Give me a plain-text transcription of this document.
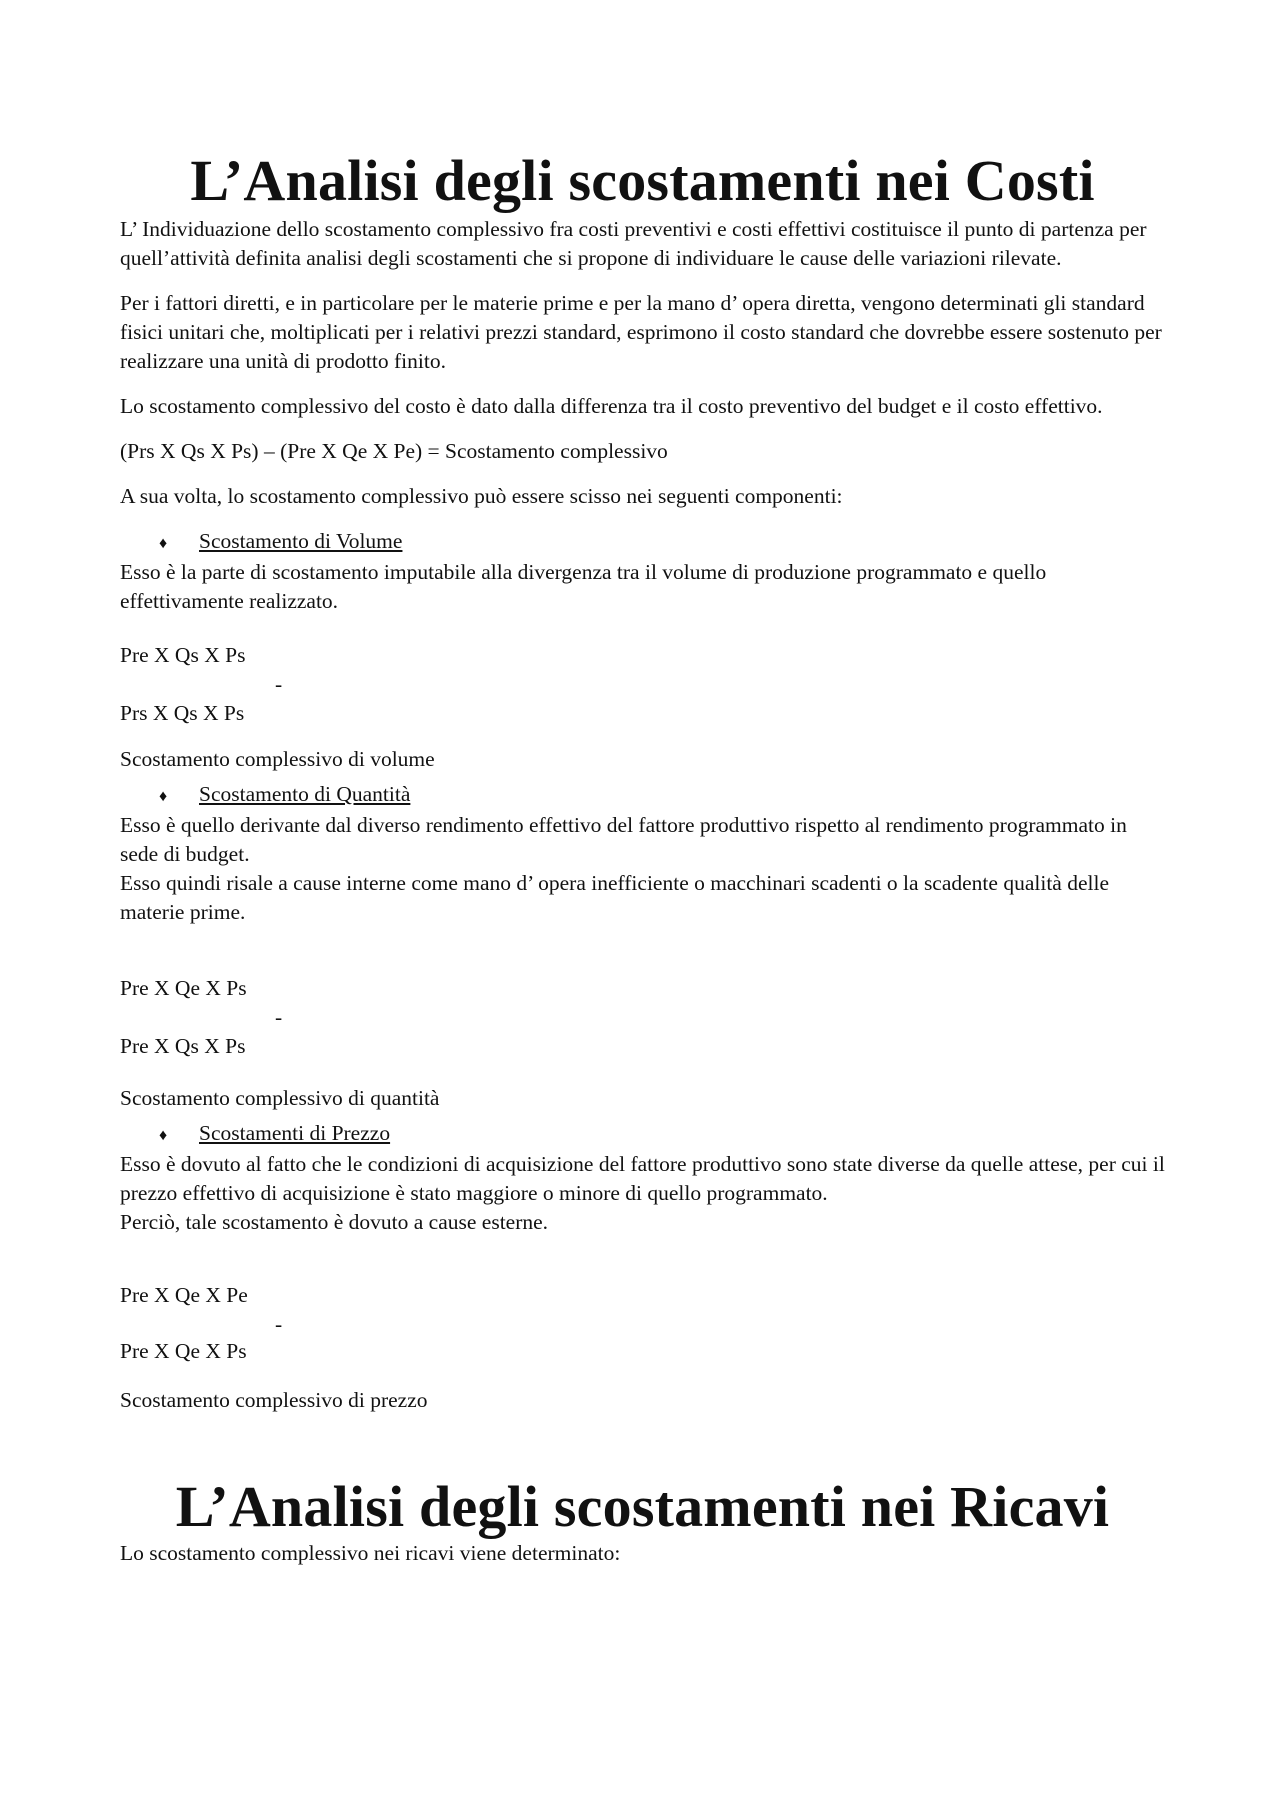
L’Analisi degli scostamenti nei Costi

L’ Individuazione dello scostamento complessivo fra costi preventivi e costi effettivi costituisce il punto di partenza per quell’attività definita analisi degli scostamenti che si propone di individuare le cause delle variazioni rilevate.

Per i fattori diretti, e in particolare per le materie prime e per la mano d’ opera diretta, vengono determinati gli standard fisici unitari che, moltiplicati per i relativi prezzi standard, esprimono il costo standard che dovrebbe essere sostenuto per realizzare una unità di prodotto finito.

Lo scostamento complessivo del costo è dato dalla differenza tra il costo preventivo del budget e il costo effettivo.

(Prs X Qs X Ps) – (Pre X Qe X Pe) = Scostamento complessivo

A sua volta, lo scostamento complessivo può essere scisso nei seguenti componenti:

♦ Scostamento di Volume

Esso è la parte di scostamento imputabile alla divergenza tra il volume di produzione programmato e quello effettivamente realizzato.

Pre X Qs X Ps
-
Prs X Qs X Ps

Scostamento complessivo di volume

♦ Scostamento di Quantità

Esso è quello derivante dal diverso rendimento effettivo del fattore produttivo rispetto al rendimento programmato in sede di budget.

Esso quindi risale a cause interne come mano d’ opera inefficiente o macchinari scadenti o la scadente qualità delle materie prime.

Pre X Qe X Ps
-
Pre X Qs X Ps

Scostamento complessivo di quantità

♦ Scostamenti di Prezzo

Esso è dovuto al fatto che le condizioni di acquisizione del fattore produttivo sono state diverse da quelle attese, per cui il prezzo effettivo di acquisizione è stato maggiore o minore di quello programmato.

Perciò, tale scostamento è dovuto a cause esterne.

Pre X Qe X Pe
-
Pre X Qe X Ps

Scostamento complessivo di prezzo

L’Analisi degli scostamenti nei Ricavi

Lo scostamento complessivo nei ricavi viene determinato:
